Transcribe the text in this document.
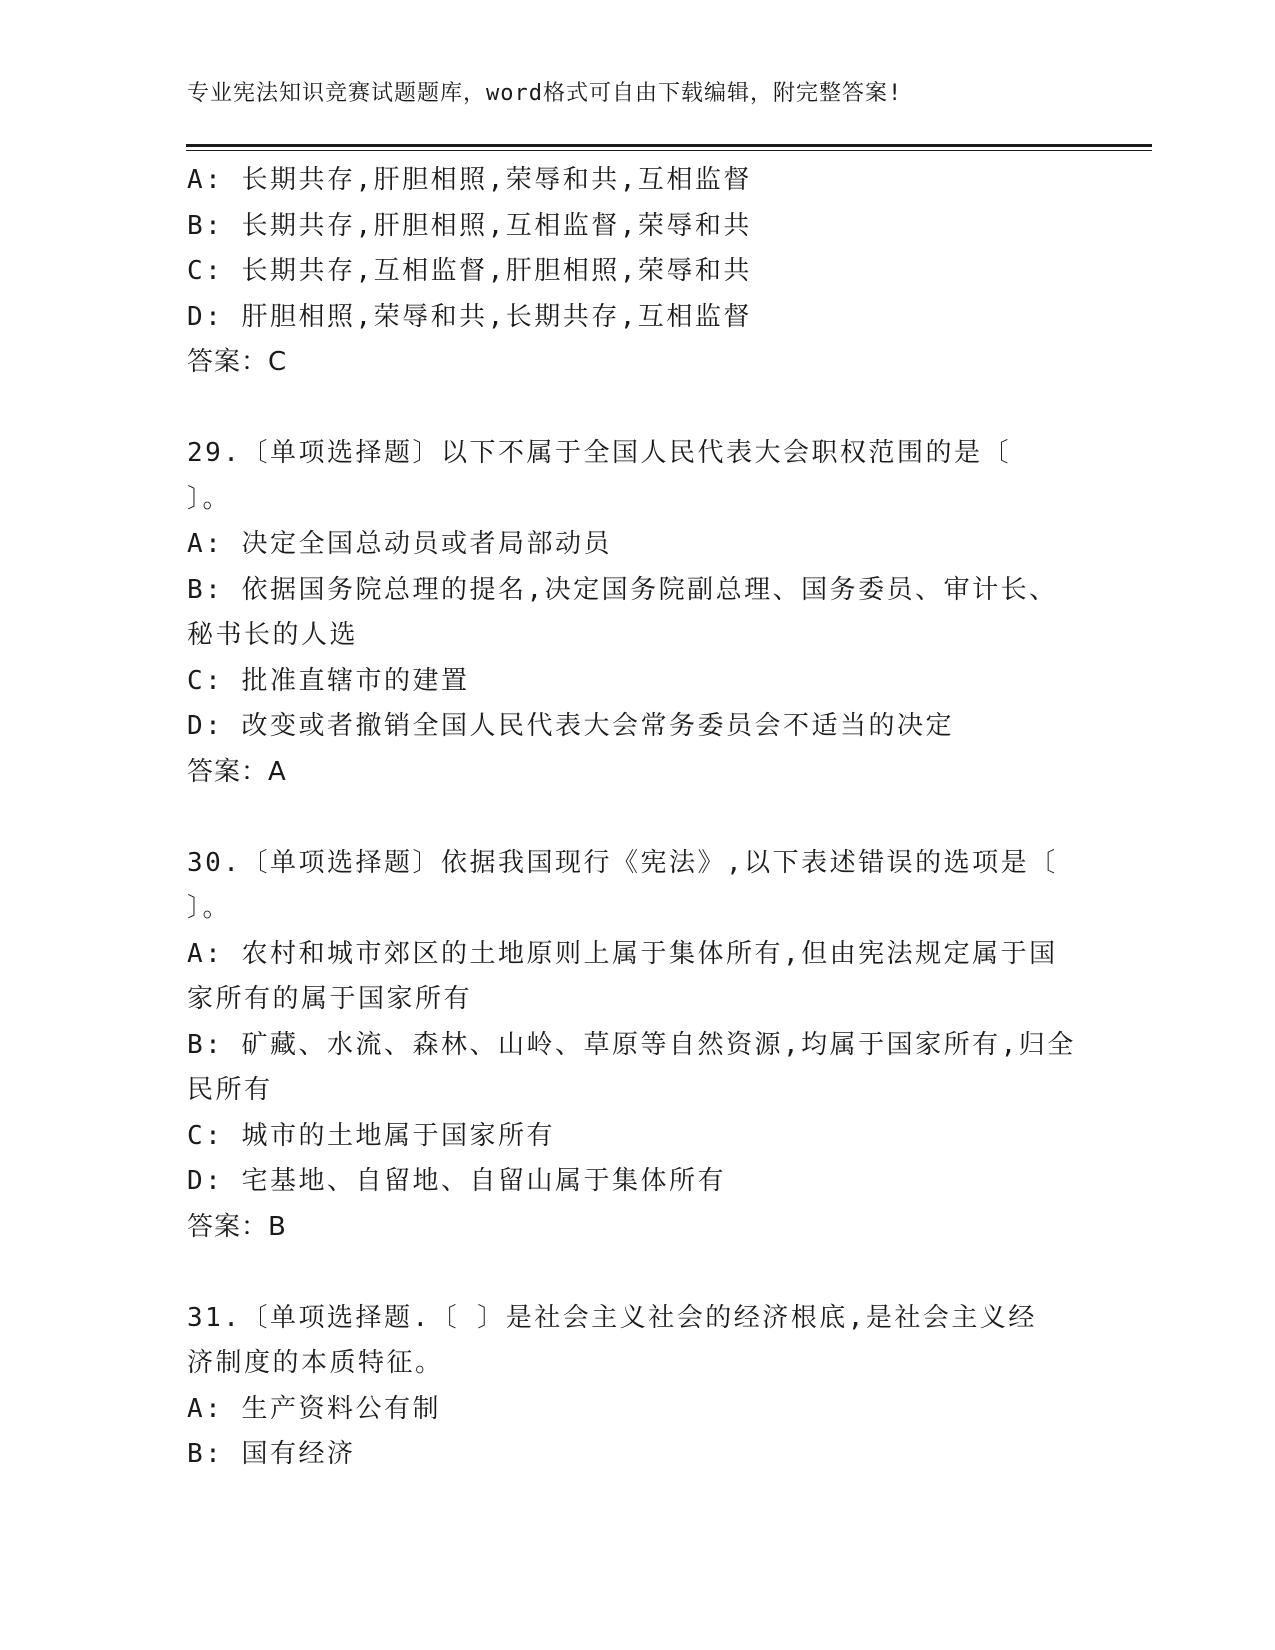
专业宪法知识竞赛试题题库，word格式可自由下载编辑，附完整答案!
A: 长期共存,肝胆相照,荣辱和共,互相监督
B: 长期共存,肝胆相照,互相监督,荣辱和共
C: 长期共存,互相监督,肝胆相照,荣辱和共
D: 肝胆相照,荣辱和共,长期共存,互相监督
答案：C
29.〔单项选择题〕以下不属于全国人民代表大会职权范围的是〔
〕。
A: 决定全国总动员或者局部动员
B: 依据国务院总理的提名,决定国务院副总理、国务委员、审计长、
秘书长的人选
C: 批准直辖市的建置
D: 改变或者撤销全国人民代表大会常务委员会不适当的决定
答案：A
30.〔单项选择题〕依据我国现行《宪法》,以下表述错误的选项是〔
〕。
A: 农村和城市郊区的土地原则上属于集体所有,但由宪法规定属于国
家所有的属于国家所有
B: 矿藏、水流、森林、山岭、草原等自然资源,均属于国家所有,归全
民所有
C: 城市的土地属于国家所有
D: 宅基地、自留地、自留山属于集体所有
答案：B
31.〔单项选择题.〔 〕是社会主义社会的经济根底,是社会主义经
济制度的本质特征。
A: 生产资料公有制
B: 国有经济
